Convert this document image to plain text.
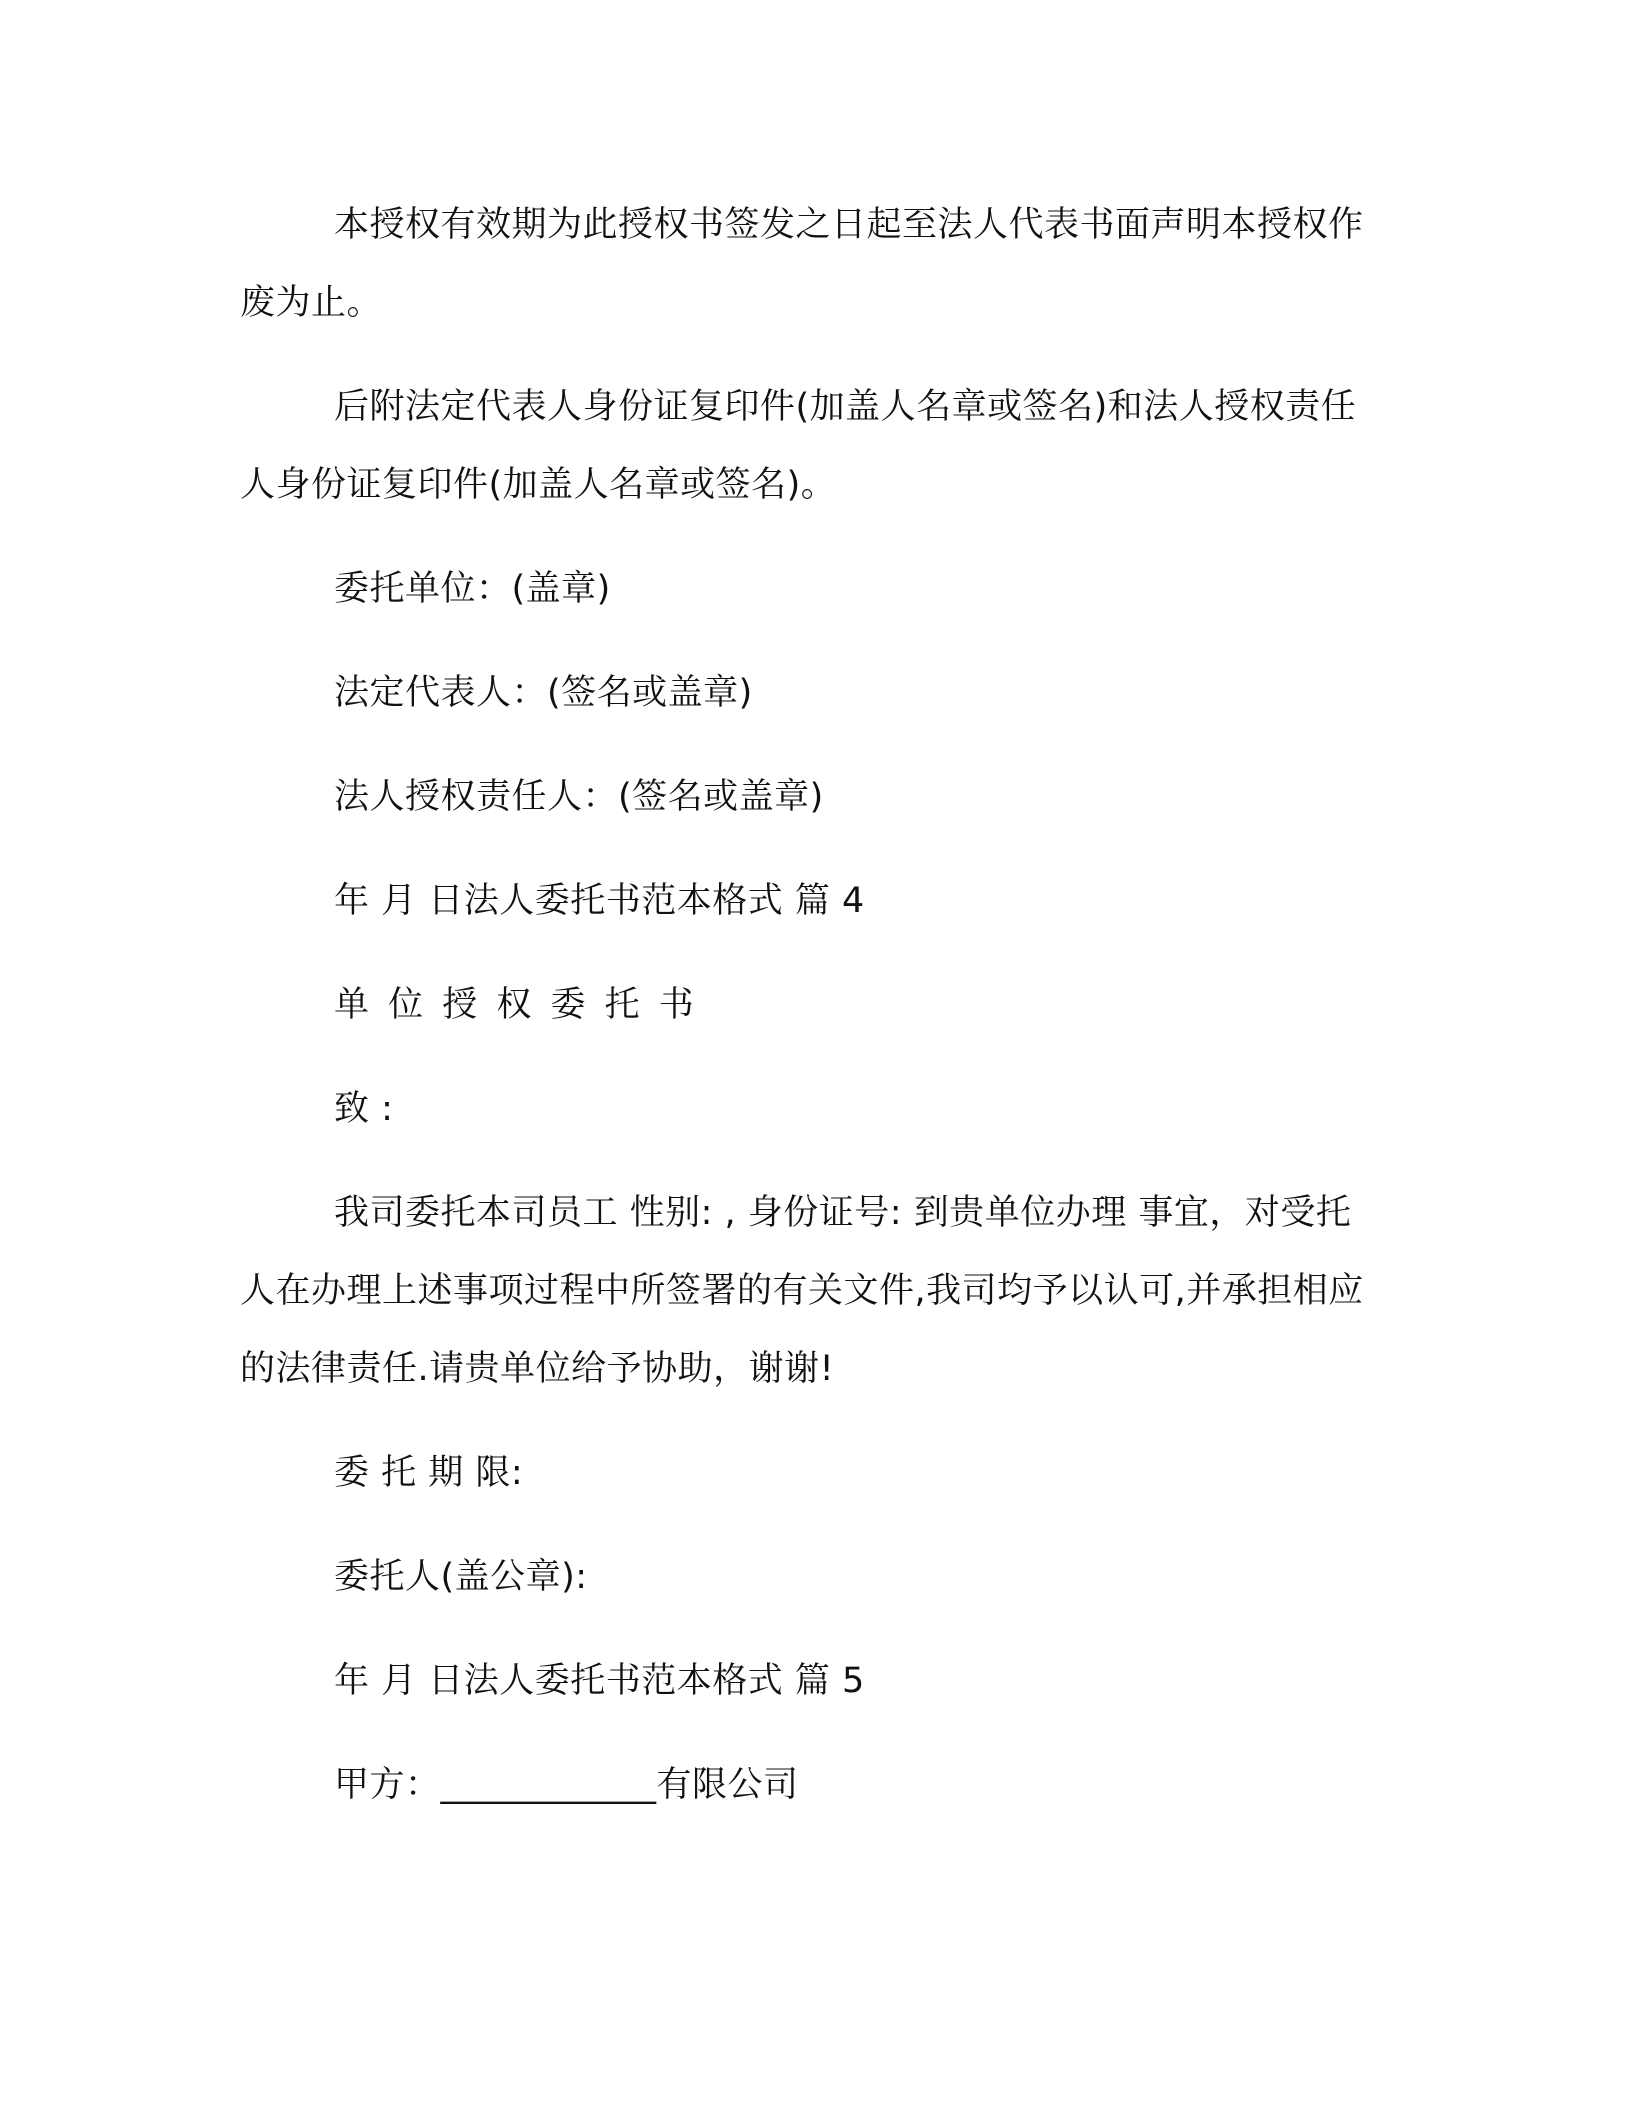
本授权有效期为此授权书签发之日起至法人代表书面声明本授权作废为止。

后附法定代表人身份证复印件(加盖人名章或签名)和法人授权责任人身份证复印件(加盖人名章或签名)。

委托单位：(盖章)

法定代表人：(签名或盖章)

法人授权责任人：(签名或盖章)

年 月 日法人委托书范本格式 篇 4

单 位 授 权 委 托 书

致 :

我司委托本司员工 性别: , 身份证号: 到贵单位办理 事宜，对受托人在办理上述事项过程中所签署的有关文件,我司均予以认可,并承担相应的法律责任.请贵单位给予协助，谢谢!

委 托 期 限:

委托人(盖公章):

年 月 日法人委托书范本格式 篇 5

甲方：____________有限公司
